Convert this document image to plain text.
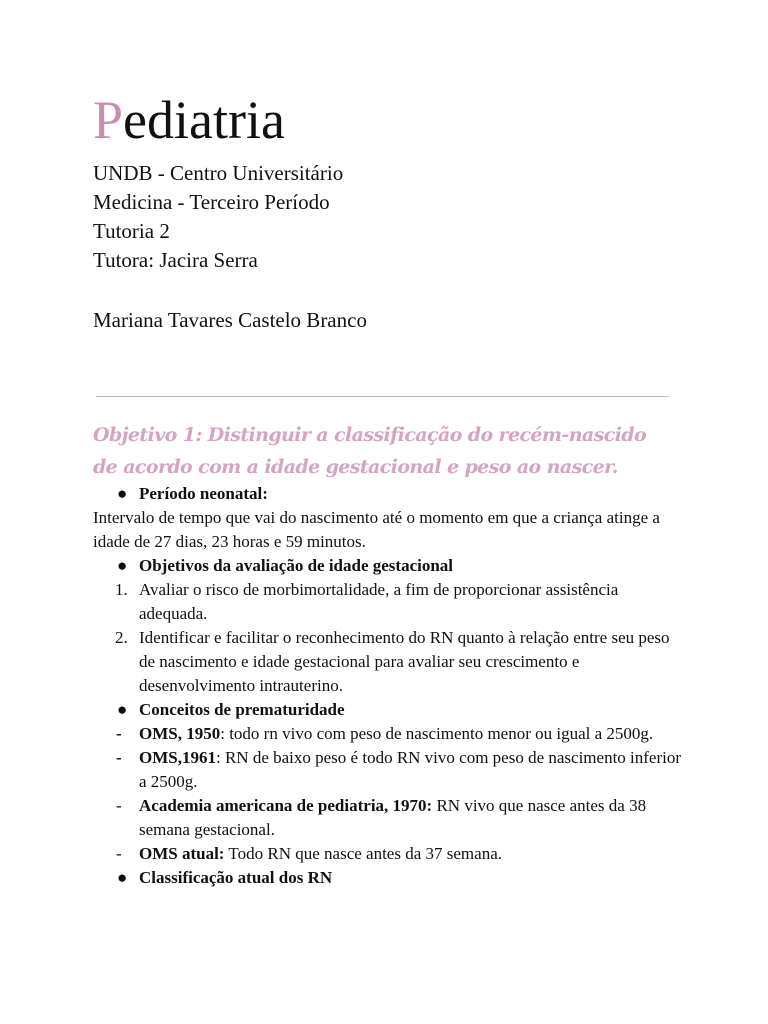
Pediatria
UNDB - Centro Universitário
Medicina - Terceiro Período
Tutoria 2
Tutora: Jacira Serra
Mariana Tavares Castelo Branco
Objetivo 1: Distinguir a classificação do recém-nascido de acordo com a idade gestacional e peso ao nascer.
● Período neonatal:
Intervalo de tempo que vai do nascimento até o momento em que a criança atinge a idade de 27 dias, 23 horas e 59 minutos.
● Objetivos da avaliação de idade gestacional
1. Avaliar o risco de morbimortalidade, a fim de proporcionar assistência adequada.
2. Identificar e facilitar o reconhecimento do RN quanto à relação entre seu peso de nascimento e idade gestacional para avaliar seu crescimento e desenvolvimento intrauterino.
● Conceitos de prematuridade
- OMS, 1950: todo rn vivo com peso de nascimento menor ou igual a 2500g.
- OMS,1961: RN de baixo peso é todo RN vivo com peso de nascimento inferior a 2500g.
- Academia americana de pediatria, 1970: RN vivo que nasce antes da 38 semana gestacional.
- OMS atual: Todo RN que nasce antes da 37 semana.
● Classificação atual dos RN
